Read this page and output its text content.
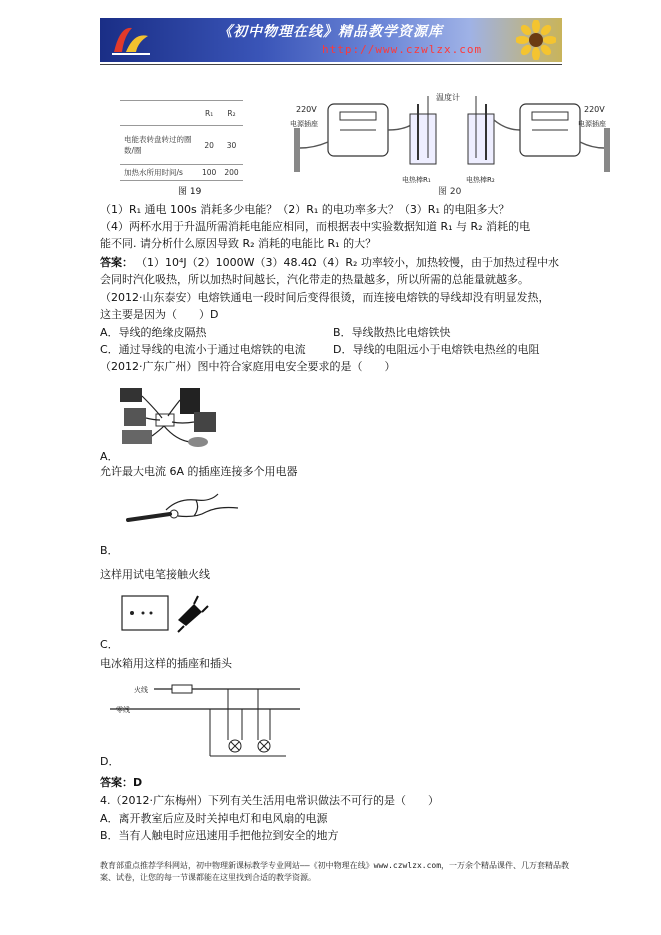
《初中物理在线》精品教学资源库
http://www.czwlzx.com
	R₁	R₂
电能表转盘转过的圈数/圈	20	30
加热水所用时间/s	100	200
图 19
220V
电源插座
电热棒R₁
温度计
电热棒R₂
220V
电源插座
图 20
（1）R₁ 通电 100s 消耗多少电能？（2）R₁ 的电功率多大？（3）R₁ 的电阻多大？
（4）两杯水用于升温所需消耗电能应相同，而根据表中实验数据知道 R₁ 与 R₂ 消耗的电
能不同. 请分析什么原因导致 R₂ 消耗的电能比 R₁ 的大？
答案： （1）10⁴J（2）1000W（3）48.4Ω（4）R₂ 功率较小，加热较慢，由于加热过程中水
会同时汽化吸热，所以加热时间越长，汽化带走的热量越多，所以所需的总能量就越多。
（2012·山东泰安）电熔铁通电一段时间后变得很烫，而连接电熔铁的导线却没有明显发热，
这主要是因为（　　）D
A．导线的绝缘皮隔热	B．导线散热比电熔铁快
C．通过导线的电流小于通过电熔铁的电流 D．导线的电阻远小于电熔铁电热丝的电阻
（2012·广东广州）图中符合家庭用电安全要求的是（　　）
A．
允许最大电流 6A 的插座连接多个用电器
B．
这样用试电笔接触火线
C．
电冰箱用这样的插座和插头
火线
零线
D．
答案：D
4.（2012·广东梅州）下列有关生活用电常识做法不可行的是（　　）
A．离开教室后应及时关掉电灯和电风扇的电源
B．当有人触电时应迅速用手把他拉到安全的地方
教育部重点推荐学科网站，初中物理新课标教学专业网站——《初中物理在线》www.czwlzx.com，一万余个精品课件、几万套精品教案、试卷，让您的每一节课都能在这里找到合适的教学资源。
